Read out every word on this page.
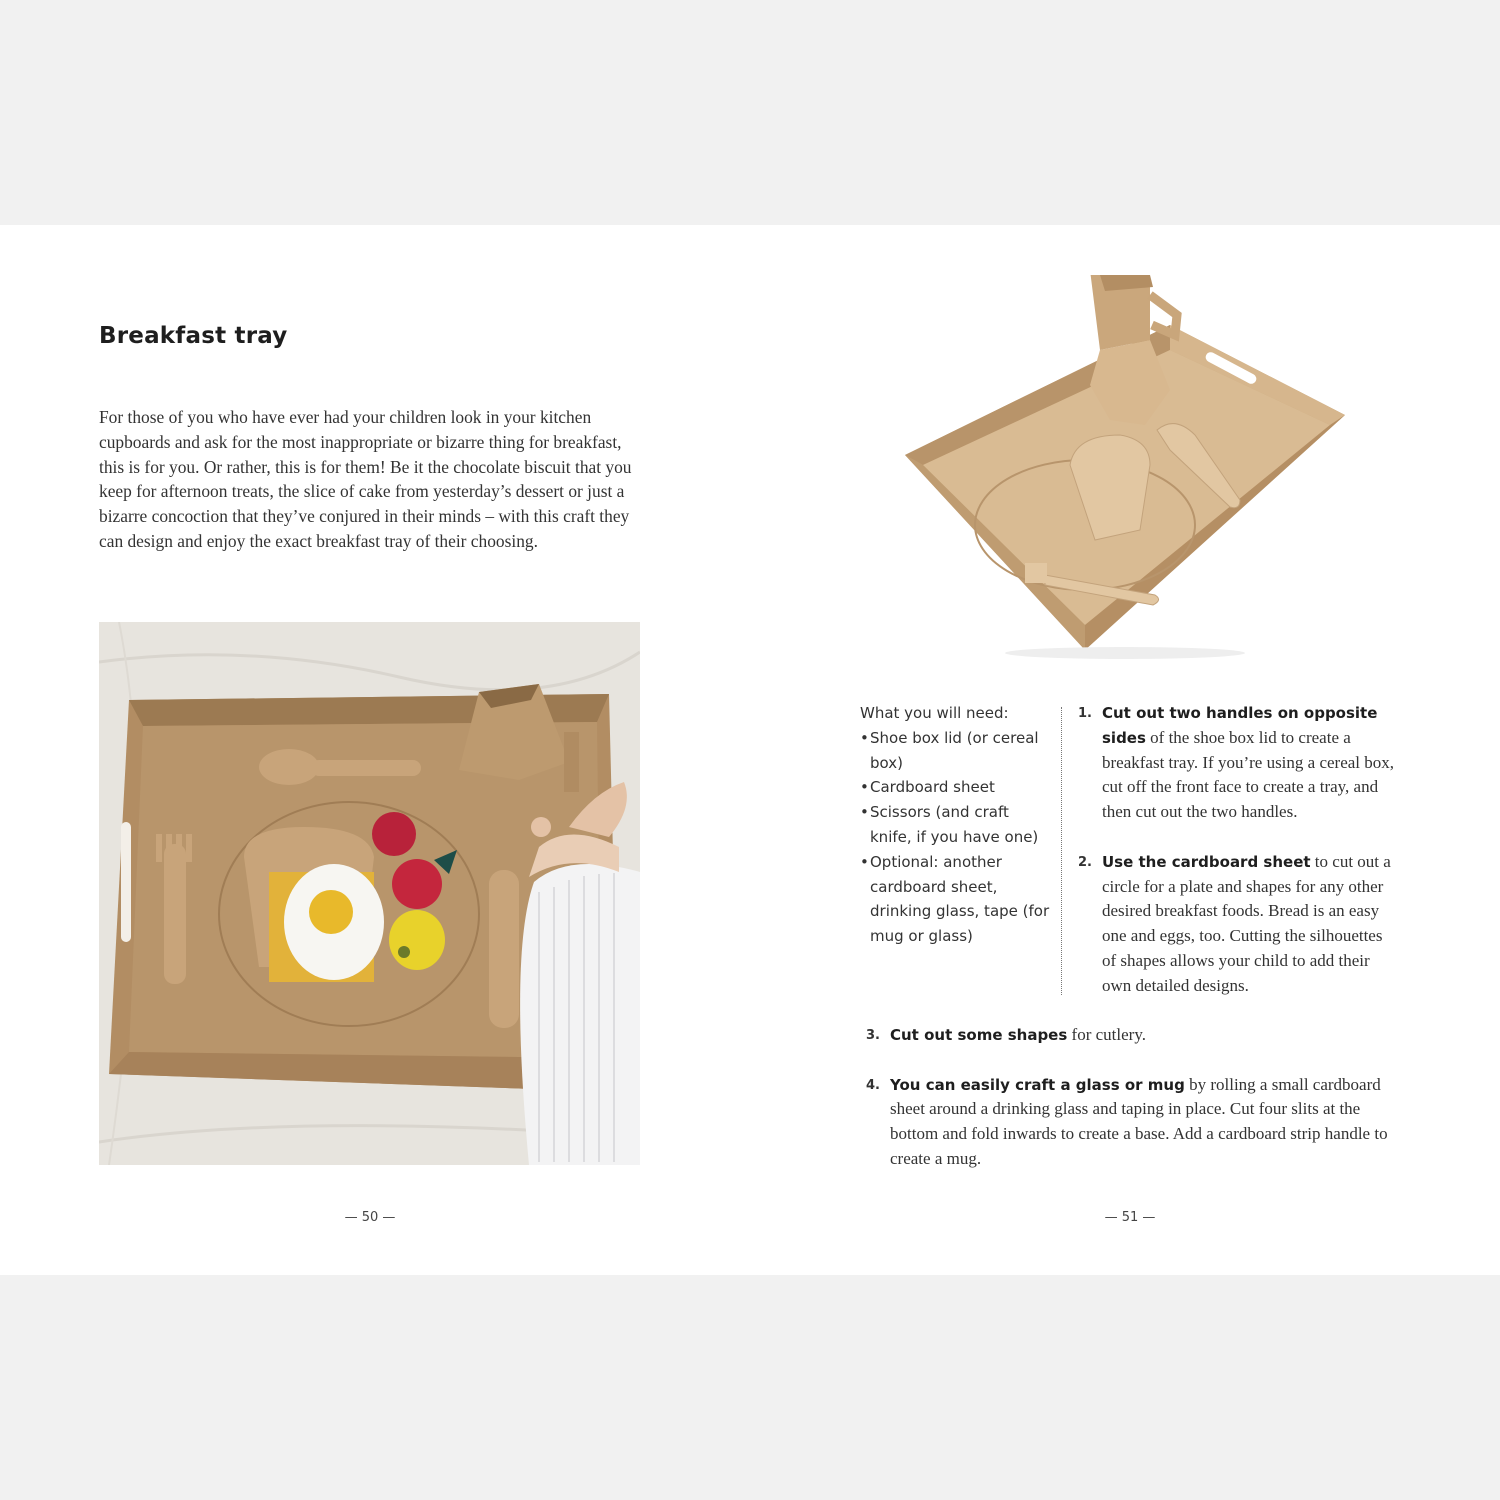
Breakfast tray

For those of you who have ever had your children look in your kitchen cupboards and ask for the most inappropriate or bizarre thing for breakfast, this is for you. Or rather, this is for them! Be it the chocolate biscuit that you keep for afternoon treats, the slice of cake from yesterday’s dessert or just a bizarre concoction that they’ve conjured in their minds – with this craft they can design and enjoy the exact breakfast tray of their choosing.

— 50 —

What you will need:

• Shoe box lid (or cereal box)
• Cardboard sheet
• Scissors (and craft knife, if you have one)
• Optional: another cardboard sheet, drinking glass, tape (for mug or glass)
1. Cut out two handles on opposite sides of the shoe box lid to create a breakfast tray. If you’re using a cereal box, cut off the front face to create a tray, and then cut out the two handles.
2. Use the cardboard sheet to cut out a circle for a plate and shapes for any other desired breakfast foods. Bread is an easy one and eggs, too. Cutting the silhouettes of shapes allows your child to add their own detailed designs.
3. Cut out some shapes for cutlery.
4. You can easily craft a glass or mug by rolling a small cardboard sheet around a drinking glass and taping in place. Cut four slits at the bottom and fold inwards to create a base. Add a cardboard strip handle to create a mug.
— 51 —
